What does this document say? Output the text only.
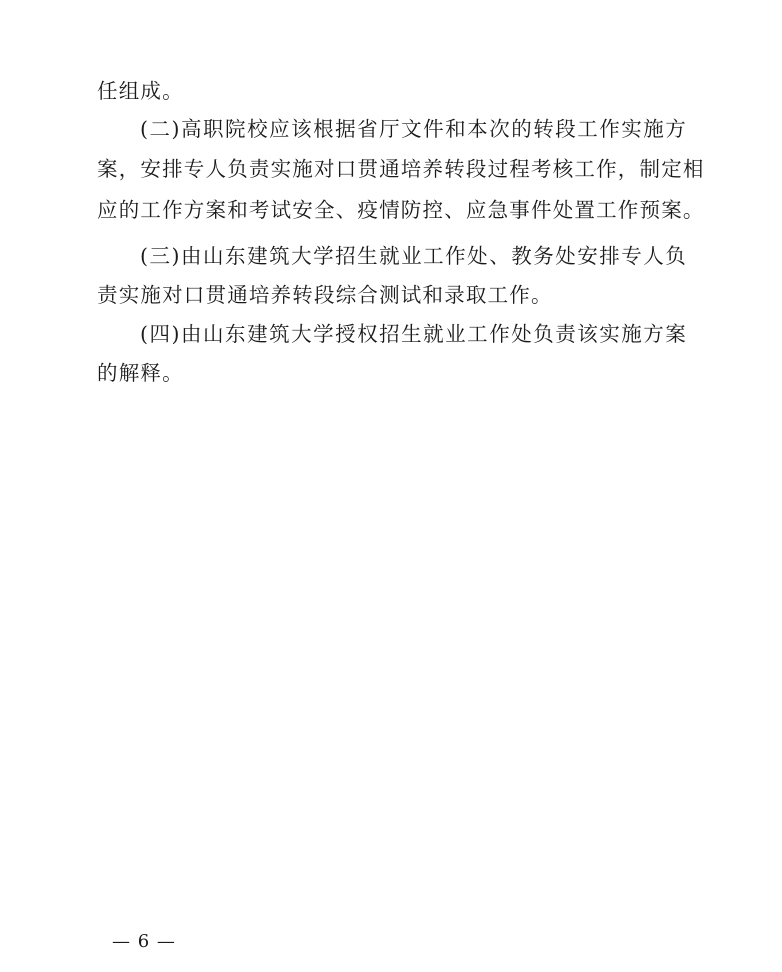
任组成。
(二)高职院校应该根据省厅文件和本次的转段工作实施方
案，安排专人负责实施对口贯通培养转段过程考核工作，制定相
应的工作方案和考试安全、疫情防控、应急事件处置工作预案。
(三)由山东建筑大学招生就业工作处、教务处安排专人负
责实施对口贯通培养转段综合测试和录取工作。
(四)由山东建筑大学授权招生就业工作处负责该实施方案
的解释。
— 6 —
